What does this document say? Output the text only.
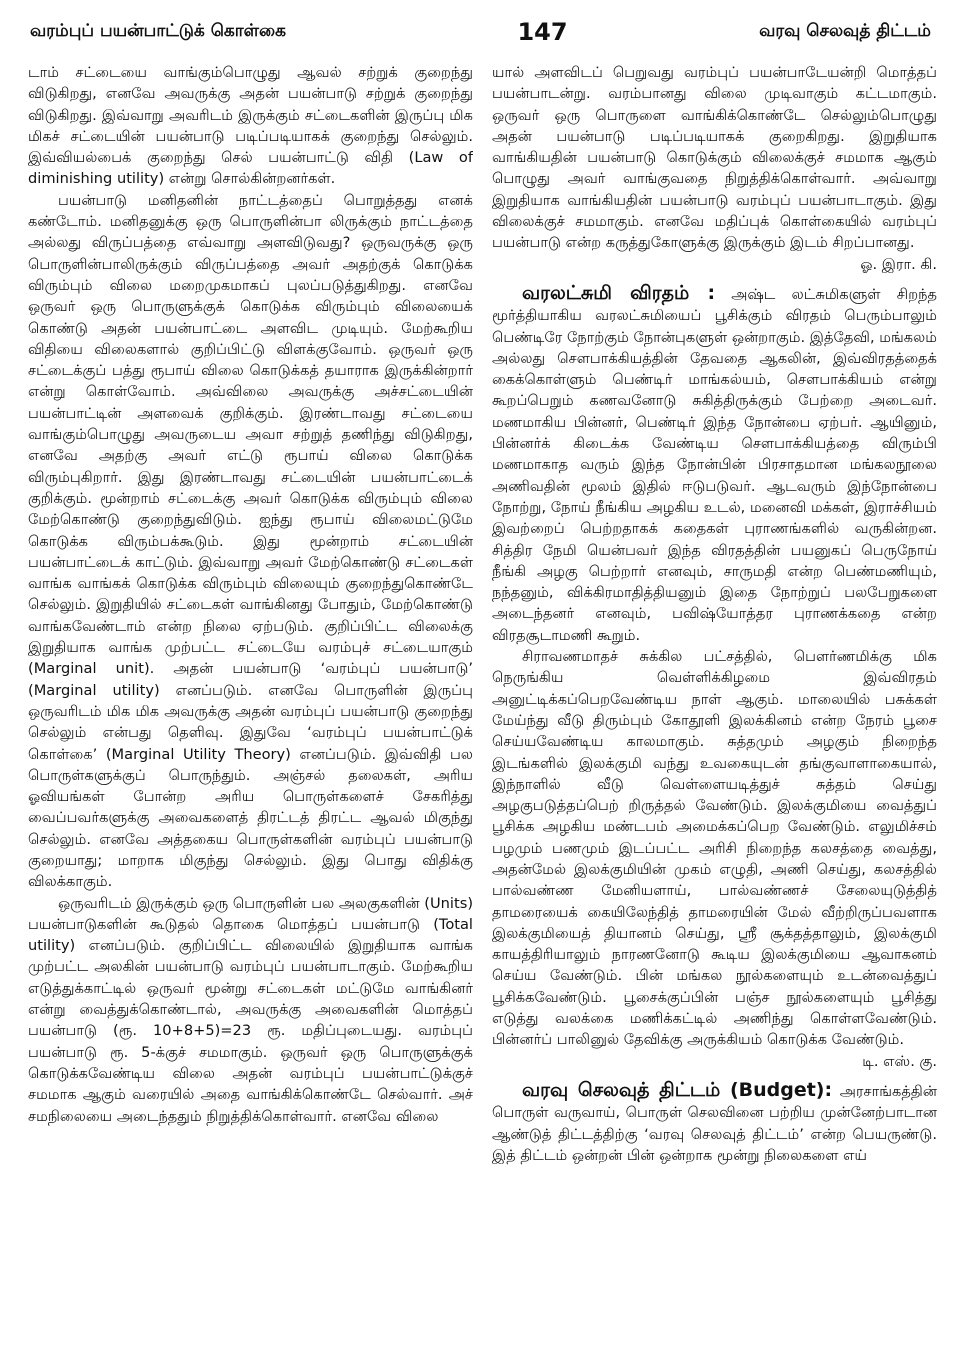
வரம்புப் பயன்பாட்டுக் கொள்கை	147	வரவு செலவுத் திட்டம்

டாம் சட்டையை வாங்கும்பொழுது ஆவல் சற்றுக் குறைந்து விடுகிறது, எனவே அவருக்கு அதன் பயன்பாடு சற்றுக் குறைந்து விடுகிறது. இவ்வாறு அவரிடம் இருக்கும் சட்டைகளின் இருப்பு மிக மிகச் சட்டையின் பயன்பாடு படிப்படியாகக் குறைந்து செல்லும். இவ்வியல்பைக் குறைந்து செல் பயன்பாட்டு விதி (Law of diminishing utility) என்று சொல்கின்றனர்கள்.

பயன்பாடு மனிதனின் நாட்டத்தைப் பொறுத்தது எனக் கண்டோம். மனிதனுக்கு ஒரு பொருளின்பா லிருக்கும் நாட்டத்தை அல்லது விருப்பத்தை எவ்வாறு அளவிடுவது? ஒருவருக்கு ஒரு பொருளின்பாலிருக்கும் விருப்பத்தை அவர் அதற்குக் கொடுக்க விரும்பும் விலை மறைமுகமாகப் புலப்படுத்துகிறது. எனவே ஒருவர் ஒரு பொருளுக்குக் கொடுக்க விரும்பும் விலையைக் கொண்டு அதன் பயன்பாட்டை அளவிட முடியும். மேற்கூறிய விதியை விலைகளால் குறிப்பிட்டு விளக்குவோம். ஒருவர் ஒரு சட்டைக்குப் பத்து ரூபாய் விலை கொடுக்கத் தயாராக இருக்கின்றார் என்று கொள்வோம். அவ்விலை அவருக்கு அச்சட்டையின் பயன்பாட்டின் அளவைக் குறிக்கும். இரண்டாவது சட்டையை வாங்கும்பொழுது அவருடைய அவா சற்றுத் தணிந்து விடுகிறது, எனவே அதற்கு அவர் எட்டு ரூபாய் விலை கொடுக்க விரும்புகிறார். இது இரண்டாவது சட்டையின் பயன்பாட்டைக் குறிக்கும். மூன்றாம் சட்டைக்கு அவர் கொடுக்க விரும்பும் விலை மேற்கொண்டு குறைந்துவிடும். ஐந்து ரூபாய் விலைமட்டுமே கொடுக்க விரும்பக்கூடும். இது மூன்றாம் சட்டையின் பயன்பாட்டைக் காட்டும். இவ்வாறு அவர் மேற்கொண்டு சட்டைகள் வாங்க வாங்கக் கொடுக்க விரும்பும் விலையும் குறைந்துகொண்டே செல்லும். இறுதியில் சட்டைகள் வாங்கினது போதும், மேற்கொண்டு வாங்கவேண்டாம் என்ற நிலை ஏற்படும். குறிப்பிட்ட விலைக்கு இறுதியாக வாங்க முற்பட்ட சட்டையே வரம்புச் சட்டையாகும் (Marginal unit). அதன் பயன்பாடு ‘வரம்புப் பயன்பாடு’ (Marginal utility) எனப்படும். எனவே பொருளின் இருப்பு ஒருவரிடம் மிக மிக அவருக்கு அதன் வரம்புப் பயன்பாடு குறைந்து செல்லும் என்பது தெளிவு. இதுவே ‘வரம்புப் பயன்பாட்டுக் கொள்கை’ (Marginal Utility Theory) எனப்படும். இவ்விதி பல பொருள்களுக்குப் பொருந்தும். அஞ்சல் தலைகள், அரிய ஓவியங்கள் போன்ற அரிய பொருள்களைச் சேகரித்து வைப்பவர்களுக்கு அவைகளைத் திரட்டத் திரட்ட ஆவல் மிகுந்து செல்லும். எனவே அத்தகைய பொருள்களின் வரம்புப் பயன்பாடு குறையாது; மாறாக மிகுந்து செல்லும். இது பொது விதிக்கு விலக்காகும்.

ஒருவரிடம் இருக்கும் ஒரு பொருளின் பல அலகுகளின் (Units) பயன்பாடுகளின் கூடுதல் தொகை மொத்தப் பயன்பாடு (Total utility) எனப்படும். குறிப்பிட்ட விலையில் இறுதியாக வாங்க முற்பட்ட அலகின் பயன்பாடு வரம்புப் பயன்பாடாகும். மேற்கூறிய எடுத்துக்காட்டில் ஒருவர் மூன்று சட்டைகள் மட்டுமே வாங்கினர் என்று வைத்துக்கொண்டால், அவருக்கு அவைகளின் மொத்தப் பயன்பாடு (ரூ. 10+8+5)=23 ரூ. மதிப்புடையது. வரம்புப் பயன்பாடு ரூ. 5-க்குச் சமமாகும். ஒருவர் ஒரு பொருளுக்குக் கொடுக்கவேண்டிய விலை அதன் வரம்புப் பயன்பாட்டுக்குச் சமமாக ஆகும் வரையில் அதை வாங்கிக்கொண்டே செல்வார். அச் சமநிலையை அடைந்ததும் நிறுத்திக்கொள்வார். எனவே விலை

யால் அளவிடப் பெறுவது வரம்புப் பயன்பாடேயன்றி மொத்தப் பயன்பாடன்று. வரம்பானது விலை முடிவாகும் கட்டமாகும். ஒருவர் ஒரு பொருளை வாங்கிக்கொண்டே செல்லும்பொழுது அதன் பயன்பாடு படிப்படியாகக் குறைகிறது. இறுதியாக வாங்கியதின் பயன்பாடு கொடுக்கும் விலைக்குச் சமமாக ஆகும் பொழுது அவர் வாங்குவதை நிறுத்திக்கொள்வார். அவ்வாறு இறுதியாக வாங்கியதின் பயன்பாடு வரம்புப் பயன்பாடாகும். இது விலைக்குச் சமமாகும். எனவே மதிப்புக் கொள்கையில் வரம்புப் பயன்பாடு என்ற கருத்துகோளுக்கு இருக்கும் இடம் சிறப்பானது.

ஓ. இரா. கி.

வரலட்சுமி விரதம் : அஷ்ட லட்சுமிகளுள் சிறந்த மூர்த்தியாகிய வரலட்சுமியைப் பூசிக்கும் விரதம் பெரும்பாலும் பெண்டிரே நோற்கும் நோன்புகளுள் ஒன்றாகும். இத்தேவி, மங்கலம் அல்லது சௌபாக்கியத்தின் தேவதை ஆகலின், இவ்விரதத்தைக் கைக்கொள்ளும் பெண்டிர் மாங்கல்யம், சௌபாக்கியம் என்று கூறப்பெறும் கணவனோடு சுகித்திருக்கும் பேற்றை அடைவர். மணமாகிய பின்னர், பெண்டிர் இந்த நோன்பை ஏற்பர். ஆயினும், பின்னர்க் கிடைக்க வேண்டிய சௌபாக்கியத்தை விரும்பி மணமாகாத வரும் இந்த நோன்பின் பிரசாதமான மங்கலநூலை அணிவதின் மூலம் இதில் ஈடுபடுவர். ஆடவரும் இந்நோன்பை நோற்று, நோய் நீங்கிய அழகிய உடல், மனைவி மக்கள், இராச்சியம் இவற்றைப் பெற்றதாகக் கதைகள் புராணங்களில் வருகின்றன. சித்திர நேமி யென்பவர் இந்த விரதத்தின் பயனுகப் பெருநோய் நீங்கி அழகு பெற்றார் எனவும், சாருமதி என்ற பெண்மணியும், நந்தனும், விக்கிரமாதித்தியனும் இதை நோற்றுப் பலபேறுகளை அடைந்தனர் எனவும், பவிஷ்யோத்தர புராணக்கதை என்ற விரதசூடாமணி கூறும்.

சிராவணமாதச் சுக்கில பட்சத்தில், பௌர்ணமிக்கு மிக நெருங்கிய வெள்ளிக்கிழமை இவ்விரதம் அனுட்டிக்கப்பெறவேண்டிய நாள் ஆகும். மாலையில் பசுக்கள் மேய்ந்து வீடு திரும்பும் கோதூளி இலக்கினம் என்ற நேரம் பூசை செய்யவேண்டிய காலமாகும். சுத்தமும் அழகும் நிறைந்த இடங்களில் இலக்குமி வந்து உவகையுடன் தங்குவாளாகையால், இந்நாளில் வீடு வெள்ளையடித்துச் சுத்தம் செய்து அழகுபடுத்தப்பெற் றிருத்தல் வேண்டும். இலக்குமியை வைத்துப் பூசிக்க அழகிய மண்டபம் அமைக்கப்பெற வேண்டும். எலுமிச்சம் பழமும் பணமும் இடப்பட்ட அரிசி நிறைந்த கலசத்தை வைத்து, அதன்மேல் இலக்குமியின் முகம் எழுதி, அணி செய்து, கலசத்தில் பால்வண்ண மேனியளாய், பால்வண்ணச் சேலையுடுத்தித் தாமரையைக் கையிலேந்தித் தாமரையின் மேல் வீற்றிருப்பவளாக இலக்குமியைத் தியானம் செய்து, ஸ்ரீ சூக்தத்தாலும், இலக்குமி காயத்திரியாலும் நாரணனோடு கூடிய இலக்குமியை ஆவாகனம் செய்ய வேண்டும். பின் மங்கல நூல்களையும் உடன்வைத்துப் பூசிக்கவேண்டும். பூசைக்குப்பின் பஞ்ச நூல்களையும் பூசித்து எடுத்து வலக்கை மணிக்கட்டில் அணிந்து கொள்ளவேண்டும். பின்னர்ப் பாலினுல் தேவிக்கு அருக்கியம் கொடுக்க வேண்டும்.

டி. எஸ். கு.

வரவு செலவுத் திட்டம் (Budget): அரசாங்கத்தின் பொருள் வருவாய், பொருள் செலவினை பற்றிய முன்னேற்பாடான ஆண்டுத் திட்டத்திற்கு ‘வரவு செலவுத் திட்டம்’ என்ற பெயருண்டு. இத் திட்டம் ஒன்றன் பின் ஒன்றாக மூன்று நிலைகளை எய்
